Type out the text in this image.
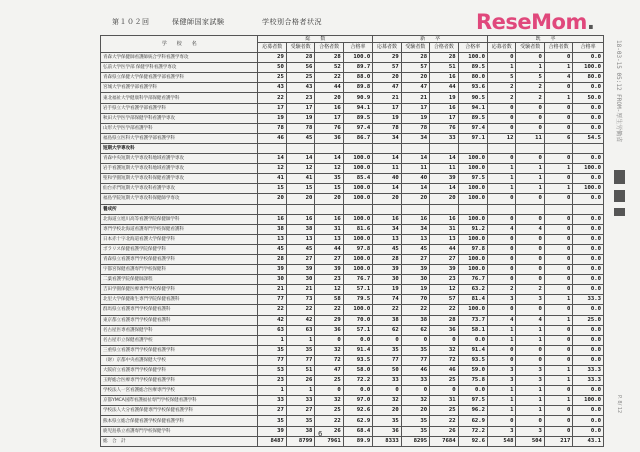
第１０２回	保健師国家試験	学校別合格者状況	ReseMom.
学　　校　　名	総　　数				新　　卒				既　　卒			
	応募者数	受験者数	合格者数	合格率	応募者数	受験者数	合格者数	合格率	応募者数	受験者数	合格者数	合格率
青森大学保健師看護師統合学科看護学専攻	29	28	28	100.0	29	28	28	100.0	0	0	0	0.0
弘前大学医学部 保健学科看護学専攻	50	56	52	89.7	57	57	51	89.5	1	1	1	100.0
青森県立保健大学保健看護学部看護学科	25	25	22	88.0	20	20	16	80.0	5	5	4	80.0
宮城大学看護学部看護学科	43	43	44	89.8	47	47	44	93.6	2	2	0	0.0
東北福祉大学健康科学部保健看護学科	22	23	20	90.9	21	21	19	90.5	2	2	1	50.0
岩手県立大学看護学部看護学科	17	17	16	94.1	17	17	16	94.1	0	0	0	0.0
秋田大学医学部保健学科看護学専攻	19	19	17	89.5	19	19	17	89.5	0	0	0	0.0
山形大学医学部看護学科	78	78	76	97.4	78	78	76	97.4	0	0	0	0.0
福島県立医科大学看護学部看護学科	46	45	36	86.7	34	34	33	97.1	12	11	6	54.5
短期大学専攻科												
青森中央短期大学専攻科地域看護学専攻	14	14	14	100.0	14	14	14	100.0	0	0	0	0.0
岩手看護短期大学専攻科地域看護学専攻	12	12	12	100.0	11	11	11	100.0	1	1	1	100.0
聖和学園短期大学専攻科保健看護学専攻	41	41	35	85.4	40	40	39	97.5	1	1	0	0.0
仙台赤門短期大学専攻科看護学専攻	15	15	15	100.0	14	14	14	100.0	1	1	1	100.0
福島学院短期大学専攻科保健師学専攻	20	20	20	100.0	20	20	20	100.0	0	0	0	0.0
養成所												
北海道立旭川高等看護学院保健師学科	16	16	16	100.0	16	16	16	100.0	0	0	0	0.0
専門学校北海道看護専門学校保健看護科	38	38	31	81.6	34	34	31	91.2	4	4	0	0.0
日本赤十字北海道看護大学保健学科	13	13	13	100.0	13	13	13	100.0	0	0	0	0.0
ポラリス保健看護学院保健学科	45	45	44	97.8	45	45	44	97.8	0	0	0	0.0
青森県立看護専門学校保健看護学科	28	27	27	100.0	28	27	27	100.0	0	0	0	0.0
宇都宮保健看護専門学校保健科	39	39	39	100.0	39	39	39	100.0	0	0	0	0.0
二葉看護学院保健師課程	30	30	23	76.7	30	30	23	76.7	0	0	0	0.0
吉田学園保健医療専門学校保健学科	21	21	12	57.1	19	19	12	63.2	2	2	0	0.0
北里大学保健衛生専門学院保健看護科	77	73	58	79.5	74	70	57	81.4	3	3	1	33.3
群馬県立看護専門学校保健看護科	22	22	22	100.0	22	22	22	100.0	0	0	0	0.0
東京都立看護専門学校保健看護科	42	42	29	70.0	38	38	28	73.7	4	4	1	25.0
名古屋医専看護保健学科	63	63	36	57.1	62	62	36	58.1	1	1	0	0.0
名古屋市立保健看護学校	1	1	0	0.0	0	0	0	0.0	1	1	0	0.0
三重県立看護専門学校保健看護学科	35	35	32	91.4	35	35	32	91.4	0	0	0	0.0
（財）京都中央看護保健大学校	77	77	72	93.5	77	77	72	93.5	0	0	0	0.0
大阪府立看護専門学校保健学科	53	51	47	58.0	50	46	46	59.0	3	3	1	33.3
玉野総合医療専門学校保健看護学科	23	26	25	72.2	33	33	25	75.8	3	3	1	33.3
学校法人一宮看護総合医療専門学校	1	1	0	0.0	0	0	0	0.0	1	1	0	0.0
京都YMCA国際看護福祉専門学校保健看護学科	33	33	32	97.0	32	32	31	97.5	1	1	1	100.0
学校法人大分看護保健専門学校保健看護学科	27	27	25	92.6	20	20	25	96.2	1	1	0	0.0
熊本県立総合保健看護学校保健看護学科	35	35	22	62.9	35	35	22	62.9	0	0	0	0.0
鹿児島県立看護専門学校保健学科	39	38	26	68.4	36	35	26	72.2	3	3	0	0.0
総　合　計	8487	8799	7961	89.9	8333	8295	7684	92.6	548	504	217	43.1
6
18-03-15 05:12 FROM-厚生労働省
P. 8/ 12
